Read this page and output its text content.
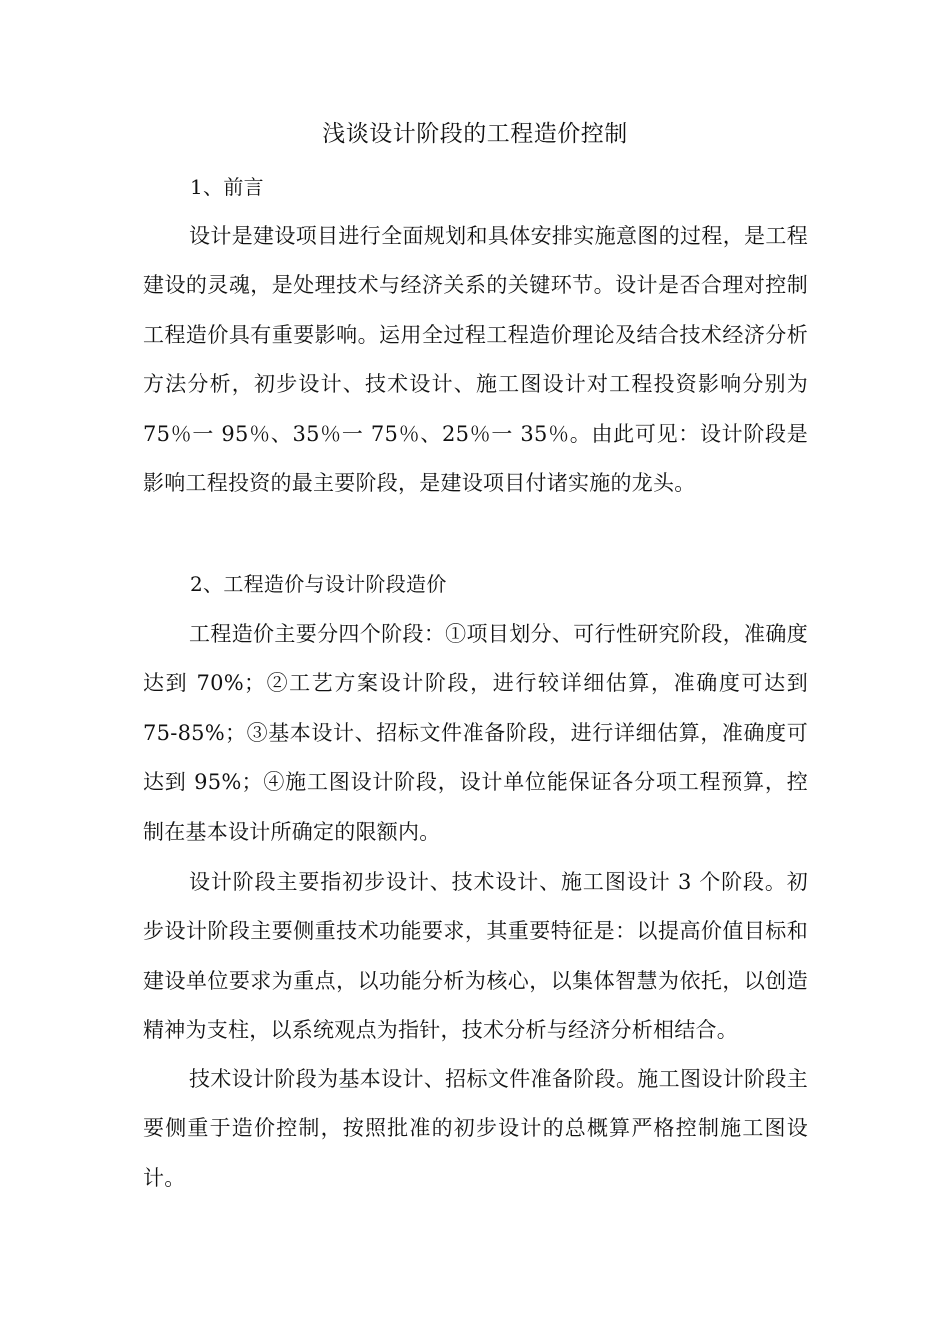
浅谈设计阶段的工程造价控制
1、前言

设计是建设项目进行全面规划和具体安排实施意图的过程，是工程建设的灵魂，是处理技术与经济关系的关键环节。设计是否合理对控制工程造价具有重要影响。运用全过程工程造价理论及结合技术经济分析方法分析，初步设计、技术设计、施工图设计对工程投资影响分别为 75％一 95％、35％一 75％、25％一 35％。由此可见：设计阶段是影响工程投资的最主要阶段，是建设项目付诸实施的龙头。

2、工程造价与设计阶段造价

工程造价主要分四个阶段：①项目划分、可行性研究阶段，准确度达到 70%；②工艺方案设计阶段，进行较详细估算，准确度可达到 75-85%；③基本设计、招标文件准备阶段，进行详细估算，准确度可达到 95%；④施工图设计阶段，设计单位能保证各分项工程预算，控制在基本设计所确定的限额内。

设计阶段主要指初步设计、技术设计、施工图设计 3 个阶段。初步设计阶段主要侧重技术功能要求，其重要特征是：以提高价值目标和建设单位要求为重点，以功能分析为核心，以集体智慧为依托，以创造精神为支柱，以系统观点为指针，技术分析与经济分析相结合。

技术设计阶段为基本设计、招标文件准备阶段。施工图设计阶段主要侧重于造价控制，按照批准的初步设计的总概算严格控制施工图设计。
